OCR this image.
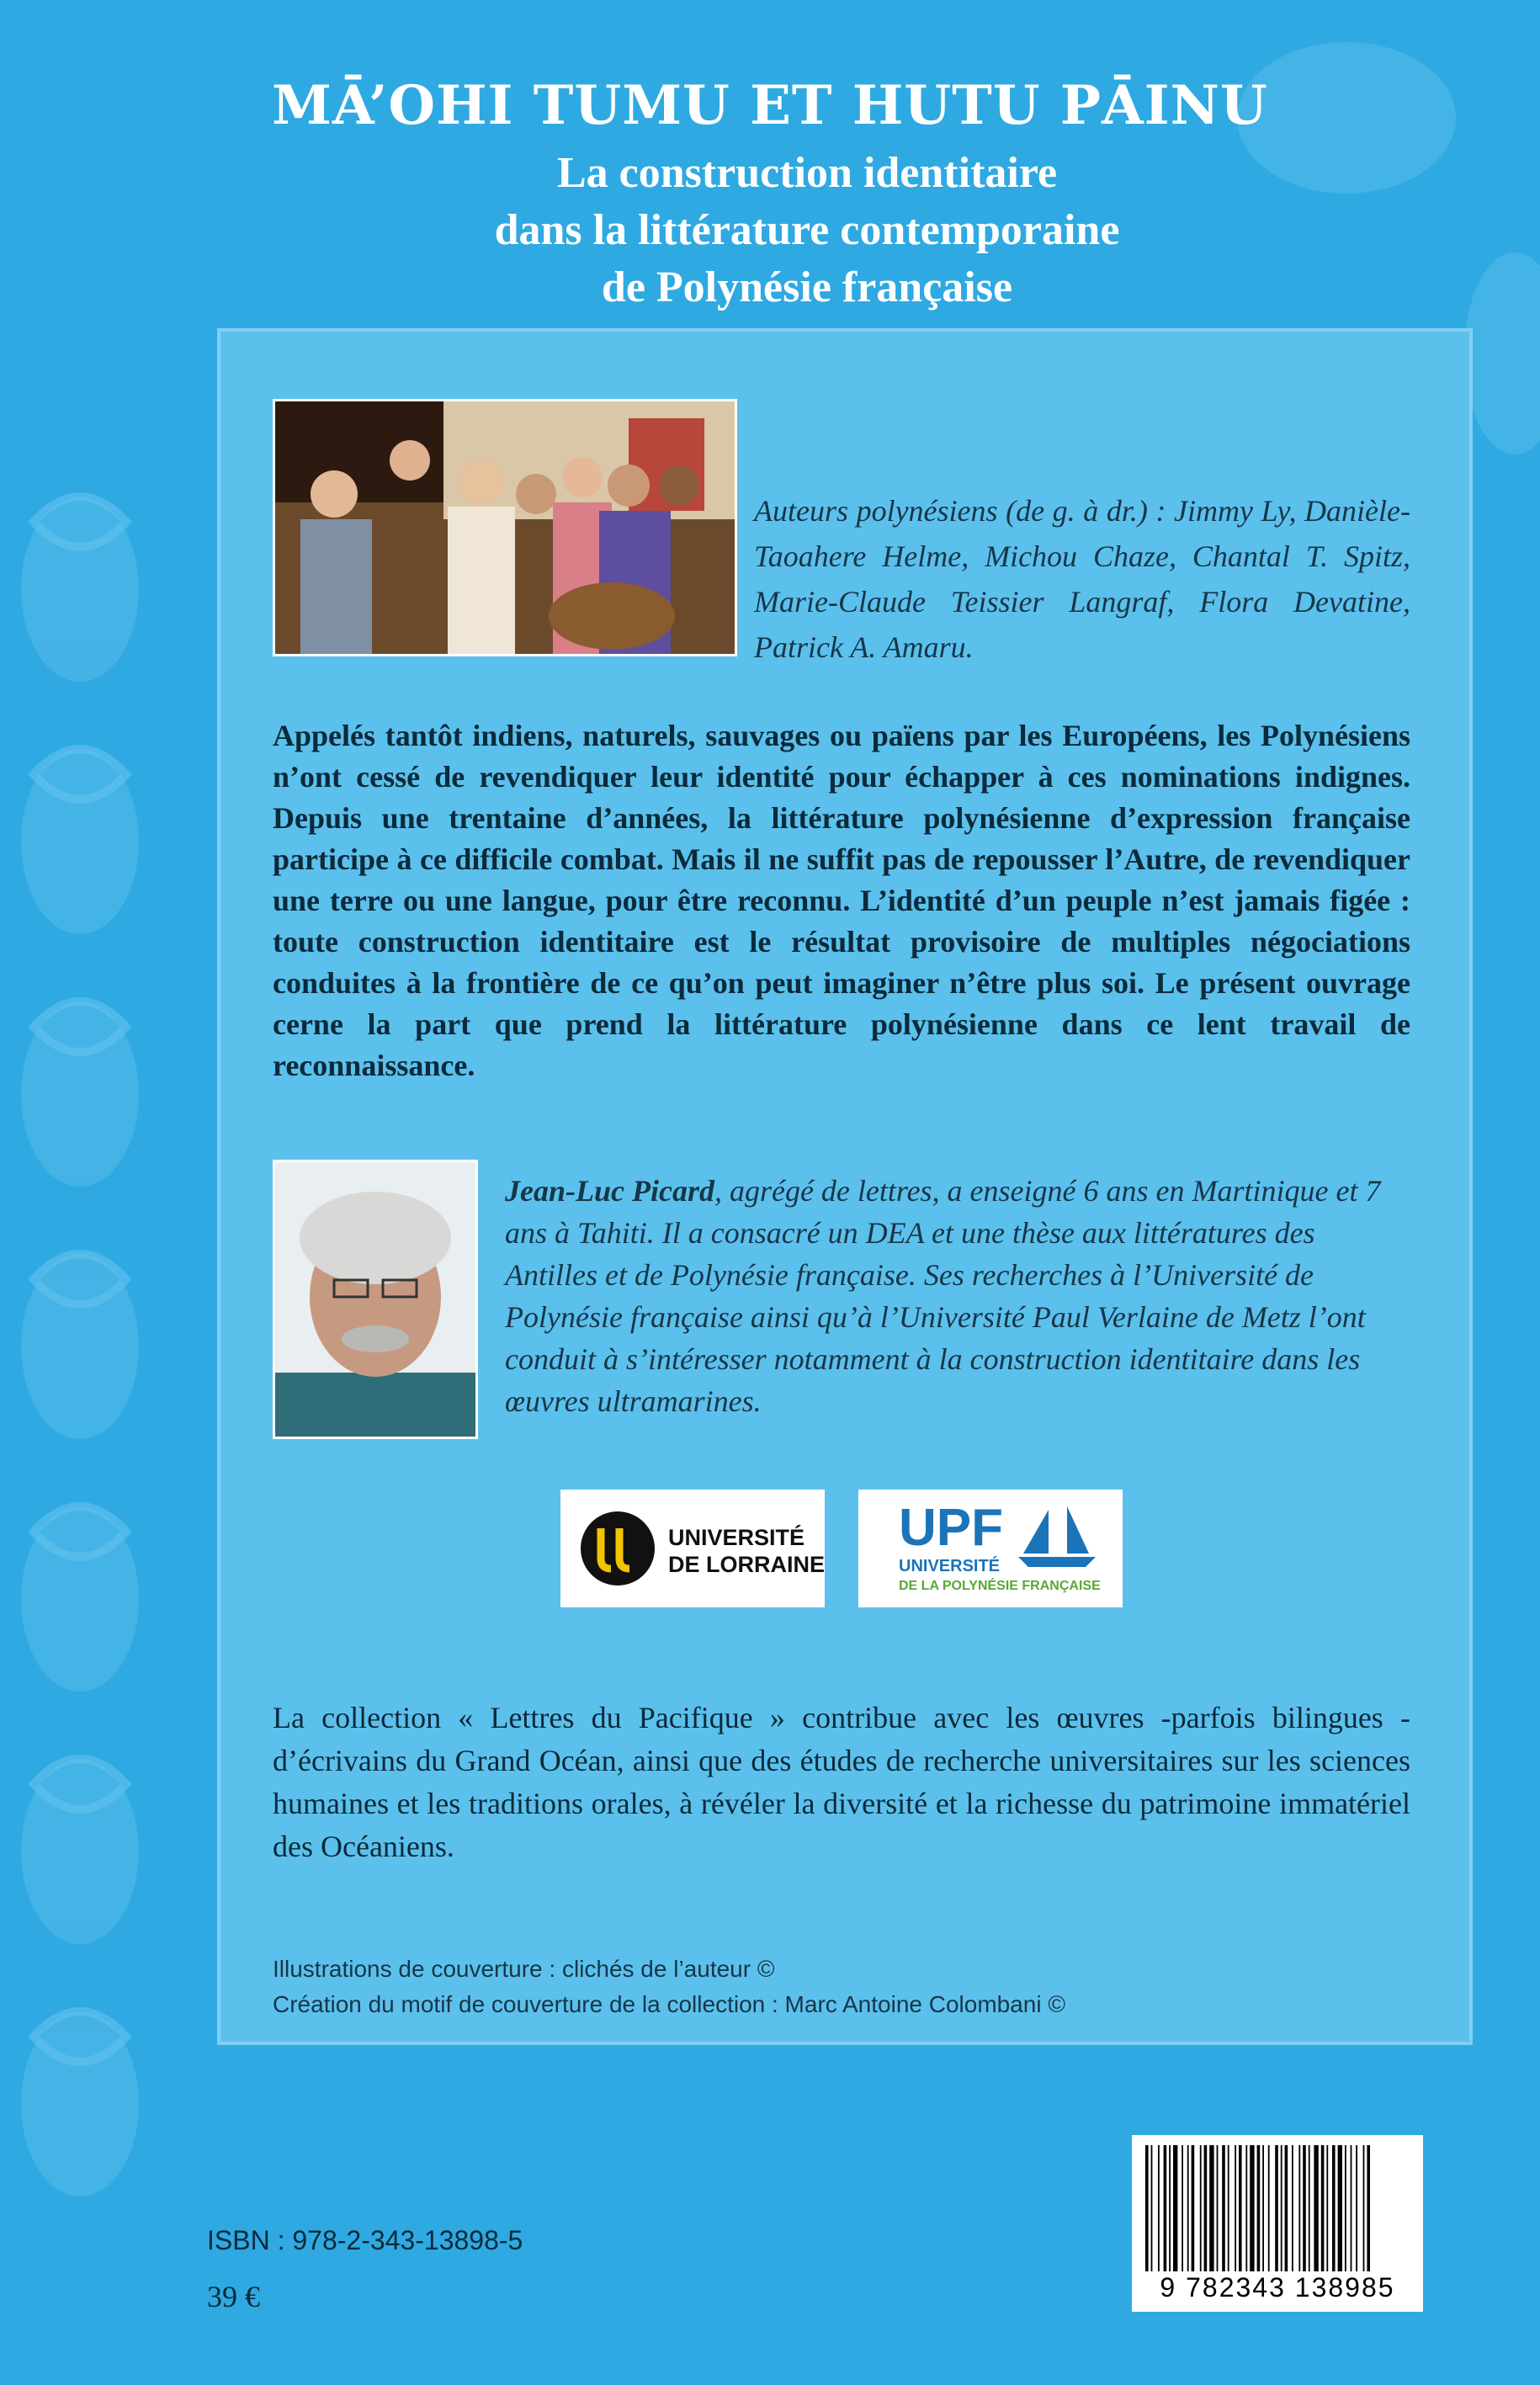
MĀ’OHI TUMU ET HUTU PĀINU
La construction identitaire
dans la littérature contemporaine
de Polynésie française
Auteurs polynésiens (de g. à dr.) : Jimmy Ly, Danièle-Taoahere Helme, Michou Chaze, Chantal T. Spitz, Marie-Claude Teissier Langraf, Flora Devatine, Patrick A. Amaru.
Appelés tantôt indiens, naturels, sauvages ou païens par les Européens, les Polynésiens n’ont cessé de revendiquer leur identité pour échapper à ces nominations indignes. Depuis une trentaine d’années, la littérature polynésienne d’expression française participe à ce difficile combat. Mais il ne suffit pas de repousser l’Autre, de revendiquer une terre ou une langue, pour être reconnu. L’identité d’un peuple n’est jamais figée : toute construction identitaire est le résultat provisoire de multiples négociations conduites à la frontière de ce qu’on peut imaginer n’être plus soi. Le présent ouvrage cerne la part que prend la littérature polynésienne dans ce lent travail de reconnaissance.
Jean-Luc Picard, agrégé de lettres, a enseigné 6 ans en Martinique et 7 ans à Tahiti. Il a consacré un DEA et une thèse aux littératures des Antilles et de Polynésie française. Ses recherches à l’Université de Polynésie française ainsi qu’à l’Université Paul Verlaine de Metz l’ont conduit à s’intéresser notamment à la construction identitaire dans les œuvres ultramarines.
UNIVERSITÉ
DE LORRAINE
UPF
UNIVERSITÉ
DE LA POLYNÉSIE FRANÇAISE
La collection « Lettres du Pacifique » contribue avec les œuvres -parfois bilingues - d’écrivains du Grand Océan, ainsi que des études de recherche universitaires sur les sciences humaines et les traditions orales, à révéler la diversité et la richesse du patrimoine immatériel des Océaniens.
Illustrations de couverture : clichés de l’auteur ©
Création du motif de couverture de la collection : Marc Antoine Colombani ©
ISBN : 978-2-343-13898-5
39 €	9 782343 138985
